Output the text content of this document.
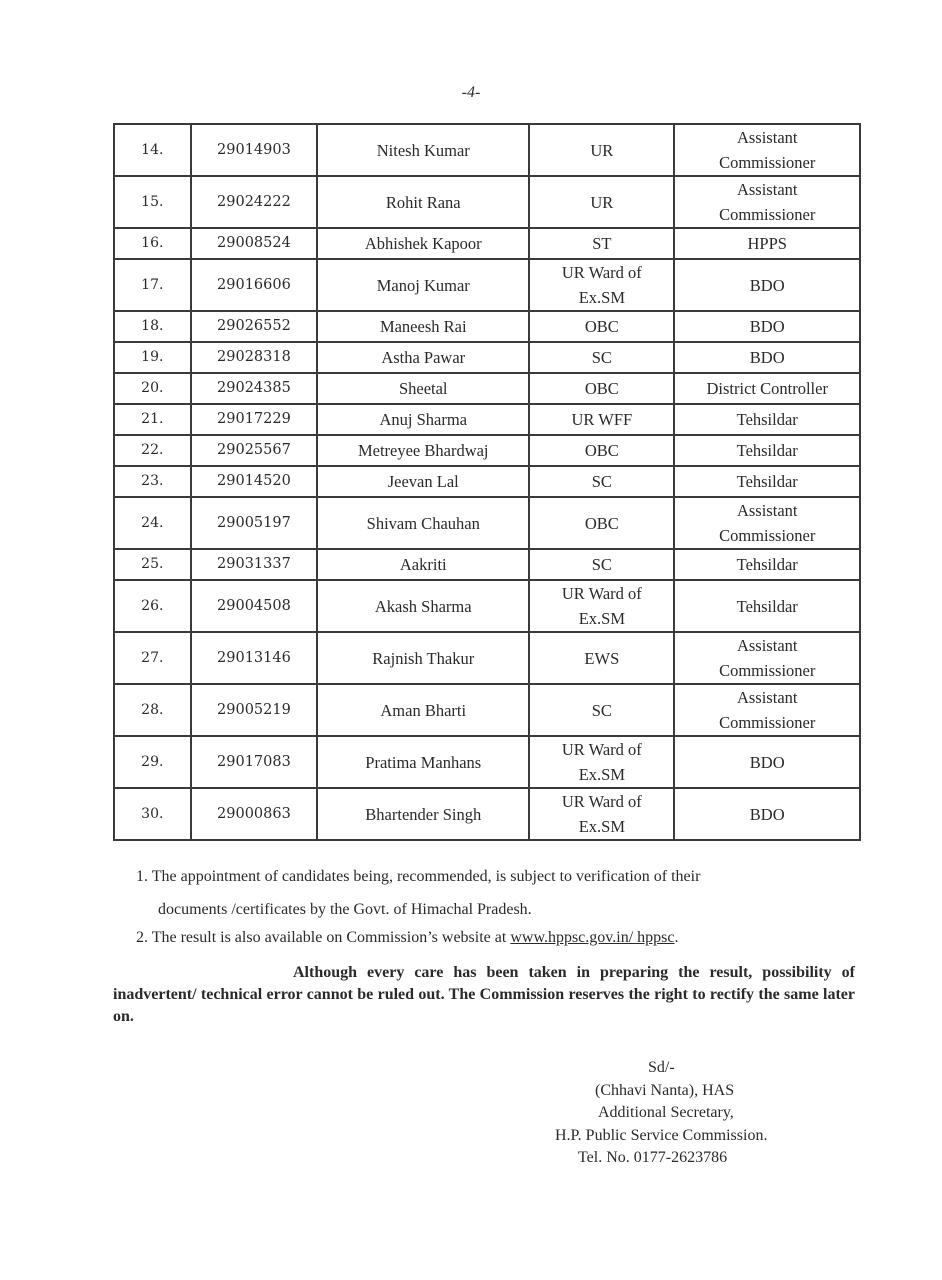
-4-
14.	29014903	Nitesh Kumar	UR	Assistant
Commissioner
15.	29024222	Rohit Rana	UR	Assistant
Commissioner
16.	29008524	Abhishek Kapoor	ST	HPPS
17.	29016606	Manoj Kumar	UR Ward of
Ex.SM	BDO
18.	29026552	Maneesh Rai	OBC	BDO
19.	29028318	Astha Pawar	SC	BDO
20.	29024385	Sheetal	OBC	District Controller
21.	29017229	Anuj Sharma	UR WFF	Tehsildar
22.	29025567	Metreyee Bhardwaj	OBC	Tehsildar
23.	29014520	Jeevan Lal	SC	Tehsildar
24.	29005197	Shivam Chauhan	OBC	Assistant
Commissioner
25.	29031337	Aakriti	SC	Tehsildar
26.	29004508	Akash Sharma	UR Ward of
Ex.SM	Tehsildar
27.	29013146	Rajnish Thakur	EWS	Assistant
Commissioner
28.	29005219	Aman Bharti	SC	Assistant
Commissioner
29.	29017083	Pratima Manhans	UR Ward of
Ex.SM	BDO
30.	29000863	Bhartender Singh	UR Ward of
Ex.SM	BDO
1. The appointment of candidates being, recommended, is subject to verification of their
documents /certificates by the Govt. of Himachal Pradesh.
2. The result is also available on Commission’s website at www.hppsc.gov.in/ hppsc.
Although every care has been taken in preparing the result, possibility of inadvertent/ technical error cannot be ruled out. The Commission reserves the right to rectify the same later on.
Sd/-
(Chhavi Nanta), HAS
Additional Secretary,
H.P. Public Service Commission.
Tel. No. 0177-2623786
